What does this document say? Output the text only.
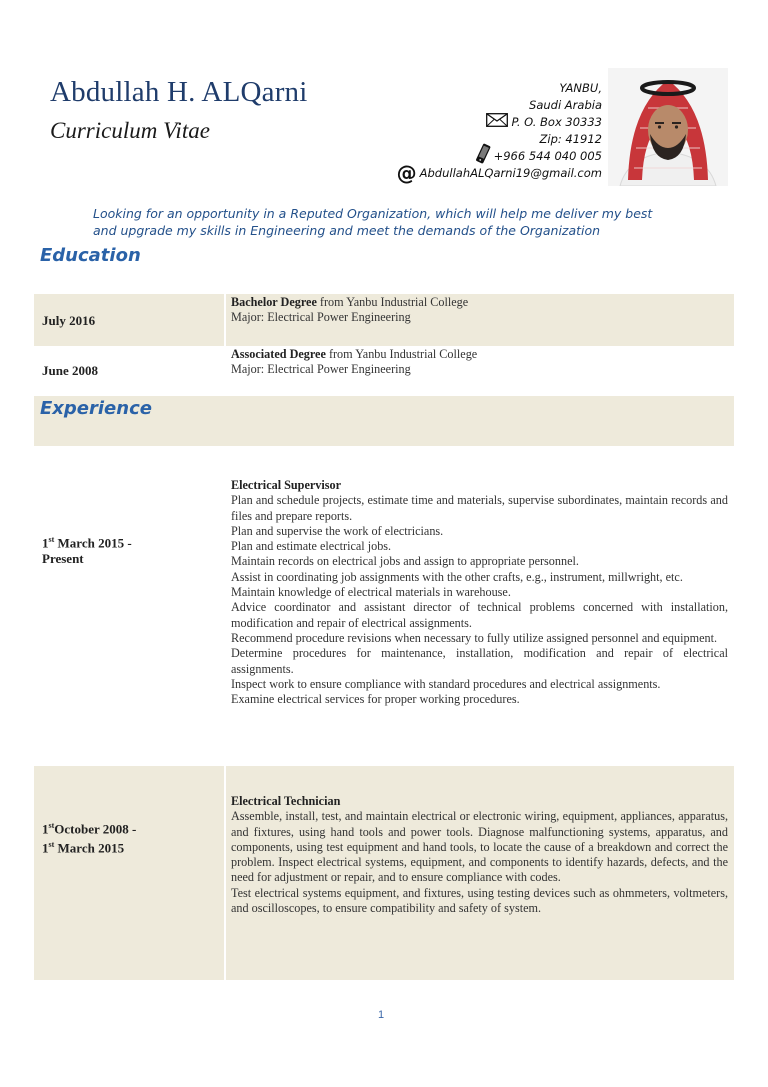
Abdullah H. ALQarni
Curriculum Vitae
YANBU,
Saudi Arabia
P. O. Box 30333
Zip: 41912
+966 544 040 005
@ AbdullahALQarni19@gmail.com
Looking for an opportunity in a Reputed Organization, which will help me deliver my best
and upgrade my skills in Engineering and meet the demands of the Organization
Education
July 2016
Bachelor Degree from Yanbu Industrial College
Major: Electrical Power Engineering
June 2008
Associated Degree from Yanbu Industrial College
Major: Electrical Power Engineering
Experience
1st March 2015 -
Present
Electrical Supervisor
Plan and schedule projects, estimate time and materials, supervise subordinates, maintain records and files and prepare reports.
Plan and supervise the work of electricians.
Plan and estimate electrical jobs.
Maintain records on electrical jobs and assign to appropriate personnel.
Assist in coordinating job assignments with the other crafts, e.g., instrument, millwright, etc.
Maintain knowledge of electrical materials in warehouse.
Advice coordinator and assistant director of technical problems concerned with installation, modification and repair of electrical assignments.
Recommend procedure revisions when necessary to fully utilize assigned personnel and equipment.
Determine procedures for maintenance, installation, modification and repair of electrical assignments.
Inspect work to ensure compliance with standard procedures and electrical assignments.
Examine electrical services for proper working procedures.
1stOctober 2008 -
1st March 2015
Electrical Technician
Assemble, install, test, and maintain electrical or electronic wiring, equipment, appliances, apparatus, and fixtures, using hand tools and power tools. Diagnose malfunctioning systems, apparatus, and components, using test equipment and hand tools, to locate the cause of a breakdown and correct the problem. Inspect electrical systems, equipment, and components to identify hazards, defects, and the need for adjustment or repair, and to ensure compliance with codes.
Test electrical systems equipment, and fixtures, using testing devices such as ohmmeters, voltmeters, and oscilloscopes, to ensure compatibility and safety of system.
1
